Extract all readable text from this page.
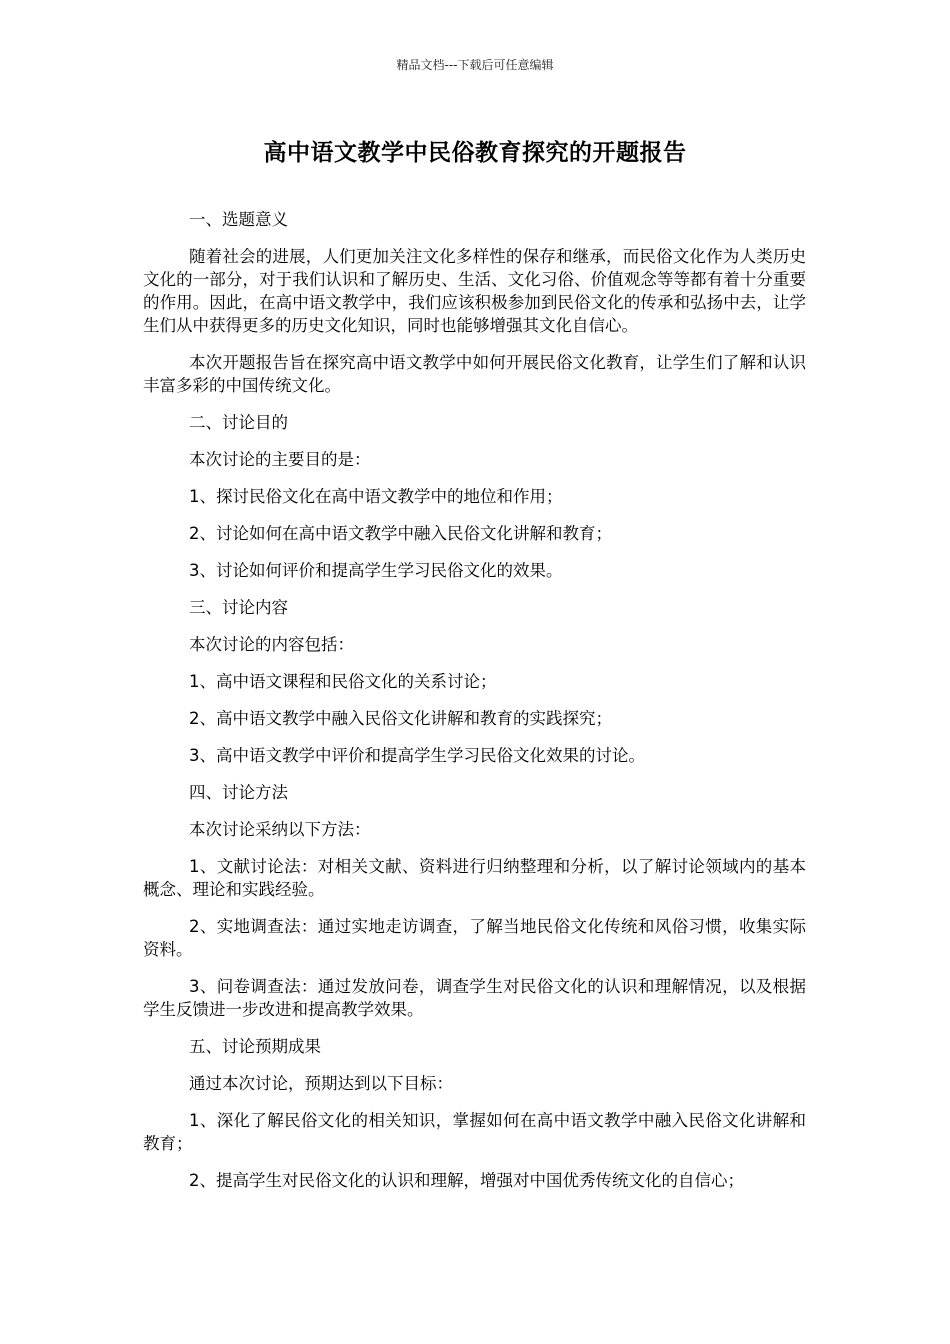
精品文档---下载后可任意编辑
高中语文教学中民俗教育探究的开题报告

一、选题意义

随着社会的进展，人们更加关注文化多样性的保存和继承，而民俗文化作为人类历史文化的一部分，对于我们认识和了解历史、生活、文化习俗、价值观念等等都有着十分重要的作用。因此，在高中语文教学中，我们应该积极参加到民俗文化的传承和弘扬中去，让学生们从中获得更多的历史文化知识，同时也能够增强其文化自信心。

本次开题报告旨在探究高中语文教学中如何开展民俗文化教育，让学生们了解和认识丰富多彩的中国传统文化。

二、讨论目的

本次讨论的主要目的是：

1、探讨民俗文化在高中语文教学中的地位和作用；

2、讨论如何在高中语文教学中融入民俗文化讲解和教育；

3、讨论如何评价和提高学生学习民俗文化的效果。

三、讨论内容

本次讨论的内容包括：

1、高中语文课程和民俗文化的关系讨论；

2、高中语文教学中融入民俗文化讲解和教育的实践探究；

3、高中语文教学中评价和提高学生学习民俗文化效果的讨论。

四、讨论方法

本次讨论采纳以下方法：

1、文献讨论法：对相关文献、资料进行归纳整理和分析，以了解讨论领域内的基本概念、理论和实践经验。

2、实地调查法：通过实地走访调查，了解当地民俗文化传统和风俗习惯，收集实际资料。

3、问卷调查法：通过发放问卷，调查学生对民俗文化的认识和理解情况，以及根据学生反馈进一步改进和提高教学效果。

五、讨论预期成果

通过本次讨论，预期达到以下目标：

1、深化了解民俗文化的相关知识，掌握如何在高中语文教学中融入民俗文化讲解和教育；

2、提高学生对民俗文化的认识和理解，增强对中国优秀传统文化的自信心；
